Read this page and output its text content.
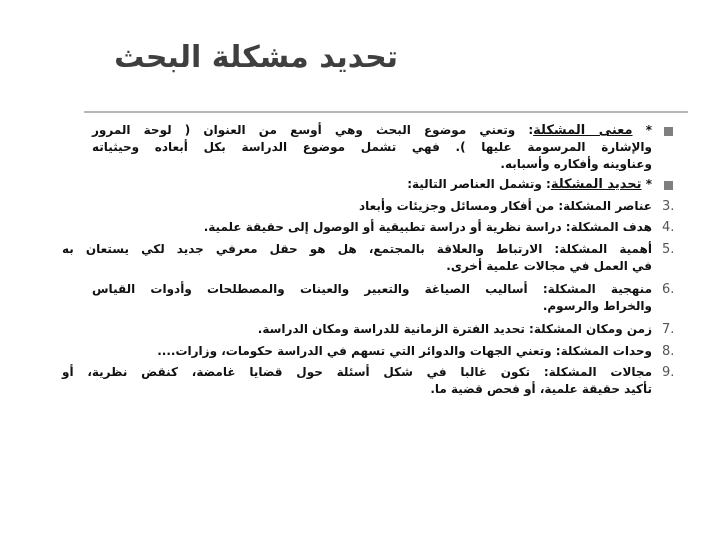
تحديد مشكلة البحث
* معنى المشكلة: وتعني موضوع البحث وهي أوسع من العنوان ( لوحة المرور
والإشارة المرسومة عليها ). فهي تشمل موضوع الدراسة بكل أبعاده وحيثياته
وعناوينه وأفكاره وأسبابه.
* تحديد المشكلة: وتشمل العناصر التالية:
3.
عناصر المشكلة: من أفكار ومسائل وجزيئات وأبعاد
4.
هدف المشكلة: دراسة نظرية أو دراسة تطبيقية أو الوصول إلى حقيقة علمية.
5.
أهمية المشكلة: الارتباط والعلاقة بالمجتمع، هل هو حقل معرفي جديد لكي يستعان به
في العمل في مجالات علمية أخرى.
6.
منهجية المشكلة: أساليب الصياغة والتعبير والعينات والمصطلحات وأدوات القياس
والخراط والرسوم.
7.
زمن ومكان المشكلة: تحديد الفترة الزمانية للدراسة ومكان الدراسة.
8.
وحدات المشكلة: وتعني الجهات والدوائر التي تسهم في الدراسة حكومات، وزارات....
9.
مجالات المشكلة: تكون غالبا في شكل أسئلة حول قضايا غامضة، كنقض نظرية، أو
تأكيد حقيقة علمية، أو فحص قضية ما.
